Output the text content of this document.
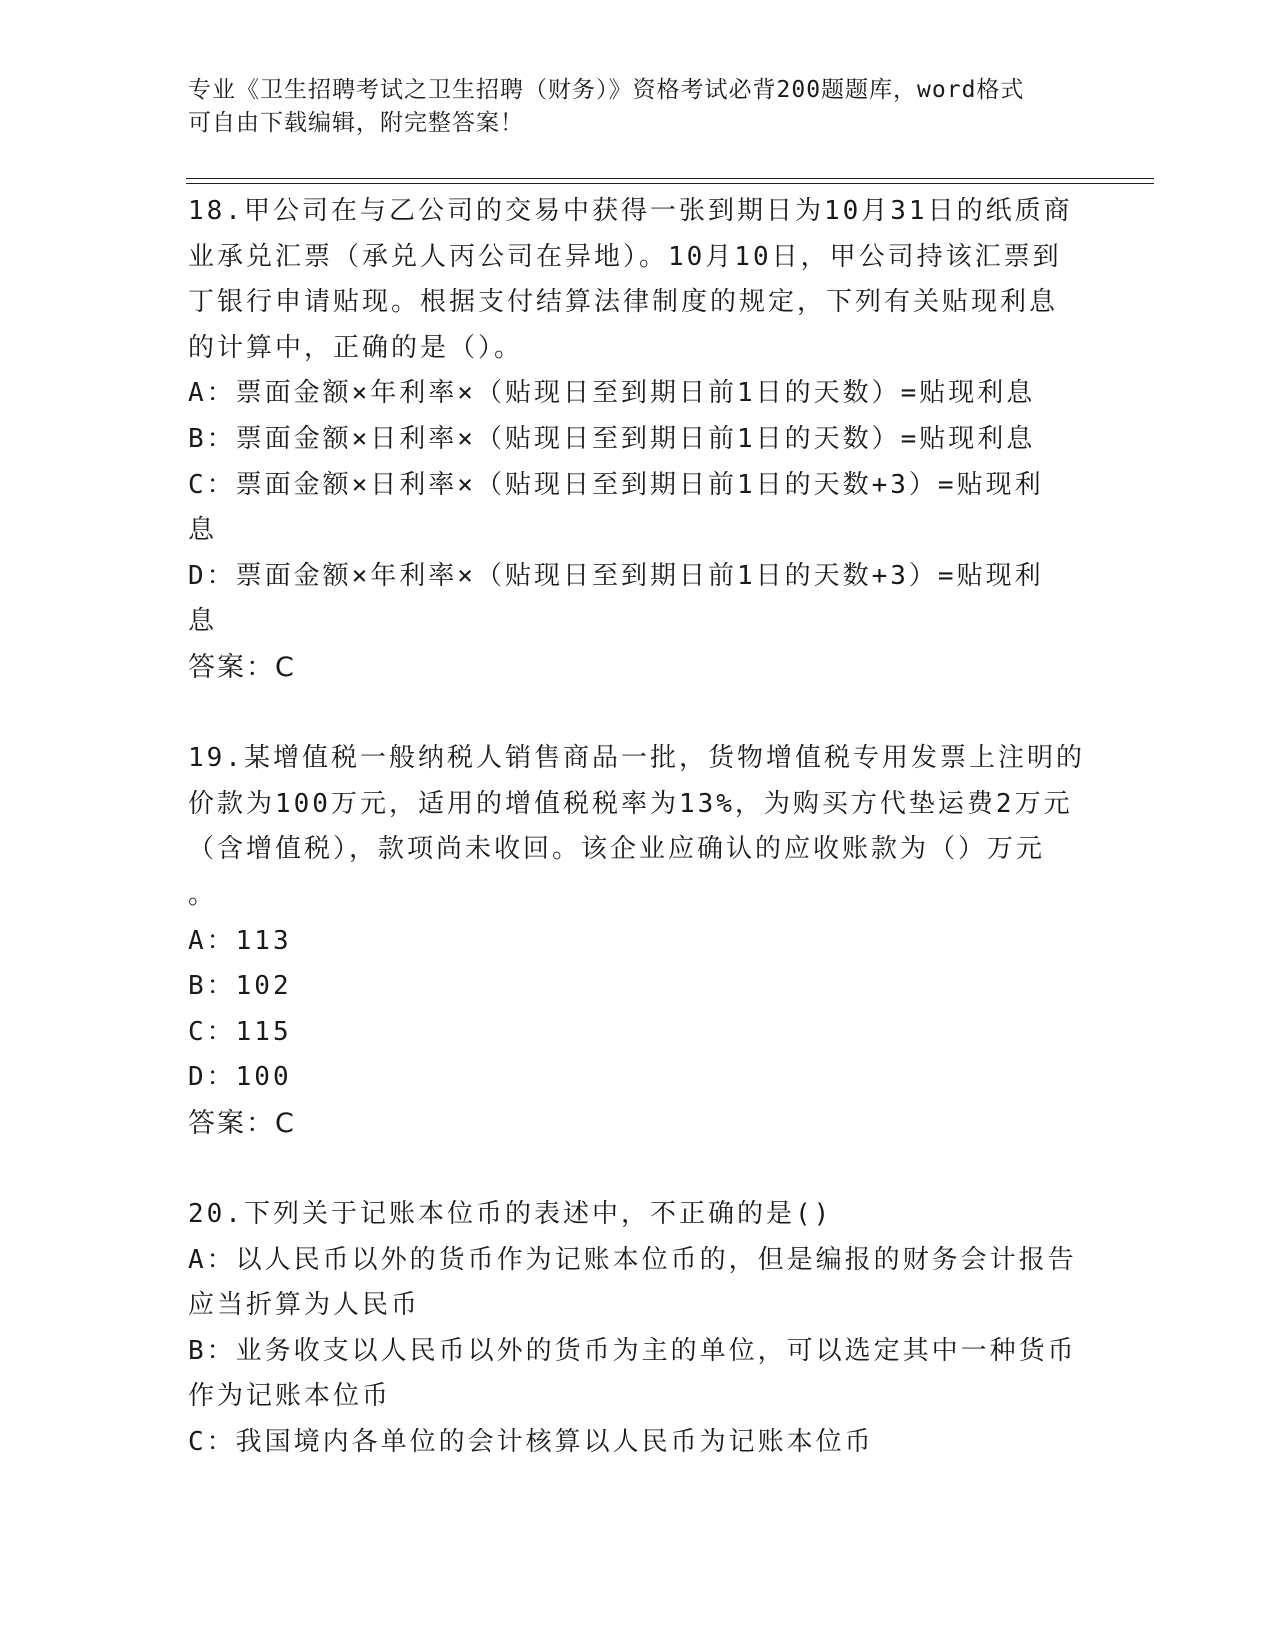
专业《卫生招聘考试之卫生招聘（财务）》资格考试必背200题题库，word格式
可自由下载编辑，附完整答案！
18.甲公司在与乙公司的交易中获得一张到期日为10月31日的纸质商
业承兑汇票（承兑人丙公司在异地）。10月10日，甲公司持该汇票到
丁银行申请贴现。根据支付结算法律制度的规定，下列有关贴现利息
的计算中，正确的是（）。
A：票面金额×年利率×（贴现日至到期日前1日的天数）=贴现利息
B：票面金额×日利率×（贴现日至到期日前1日的天数）=贴现利息
C：票面金额×日利率×（贴现日至到期日前1日的天数+3）=贴现利
息
D：票面金额×年利率×（贴现日至到期日前1日的天数+3）=贴现利
息
答案：C
19.某增值税一般纳税人销售商品一批，货物增值税专用发票上注明的
价款为100万元，适用的增值税税率为13%，为购买方代垫运费2万元
（含增值税），款项尚未收回。该企业应确认的应收账款为（）万元
。
A：113
B：102
C：115
D：100
答案：C
20.下列关于记账本位币的表述中，不正确的是()
A：以人民币以外的货币作为记账本位币的，但是编报的财务会计报告
应当折算为人民币
B：业务收支以人民币以外的货币为主的单位，可以选定其中一种货币
作为记账本位币
C：我国境内各单位的会计核算以人民币为记账本位币
